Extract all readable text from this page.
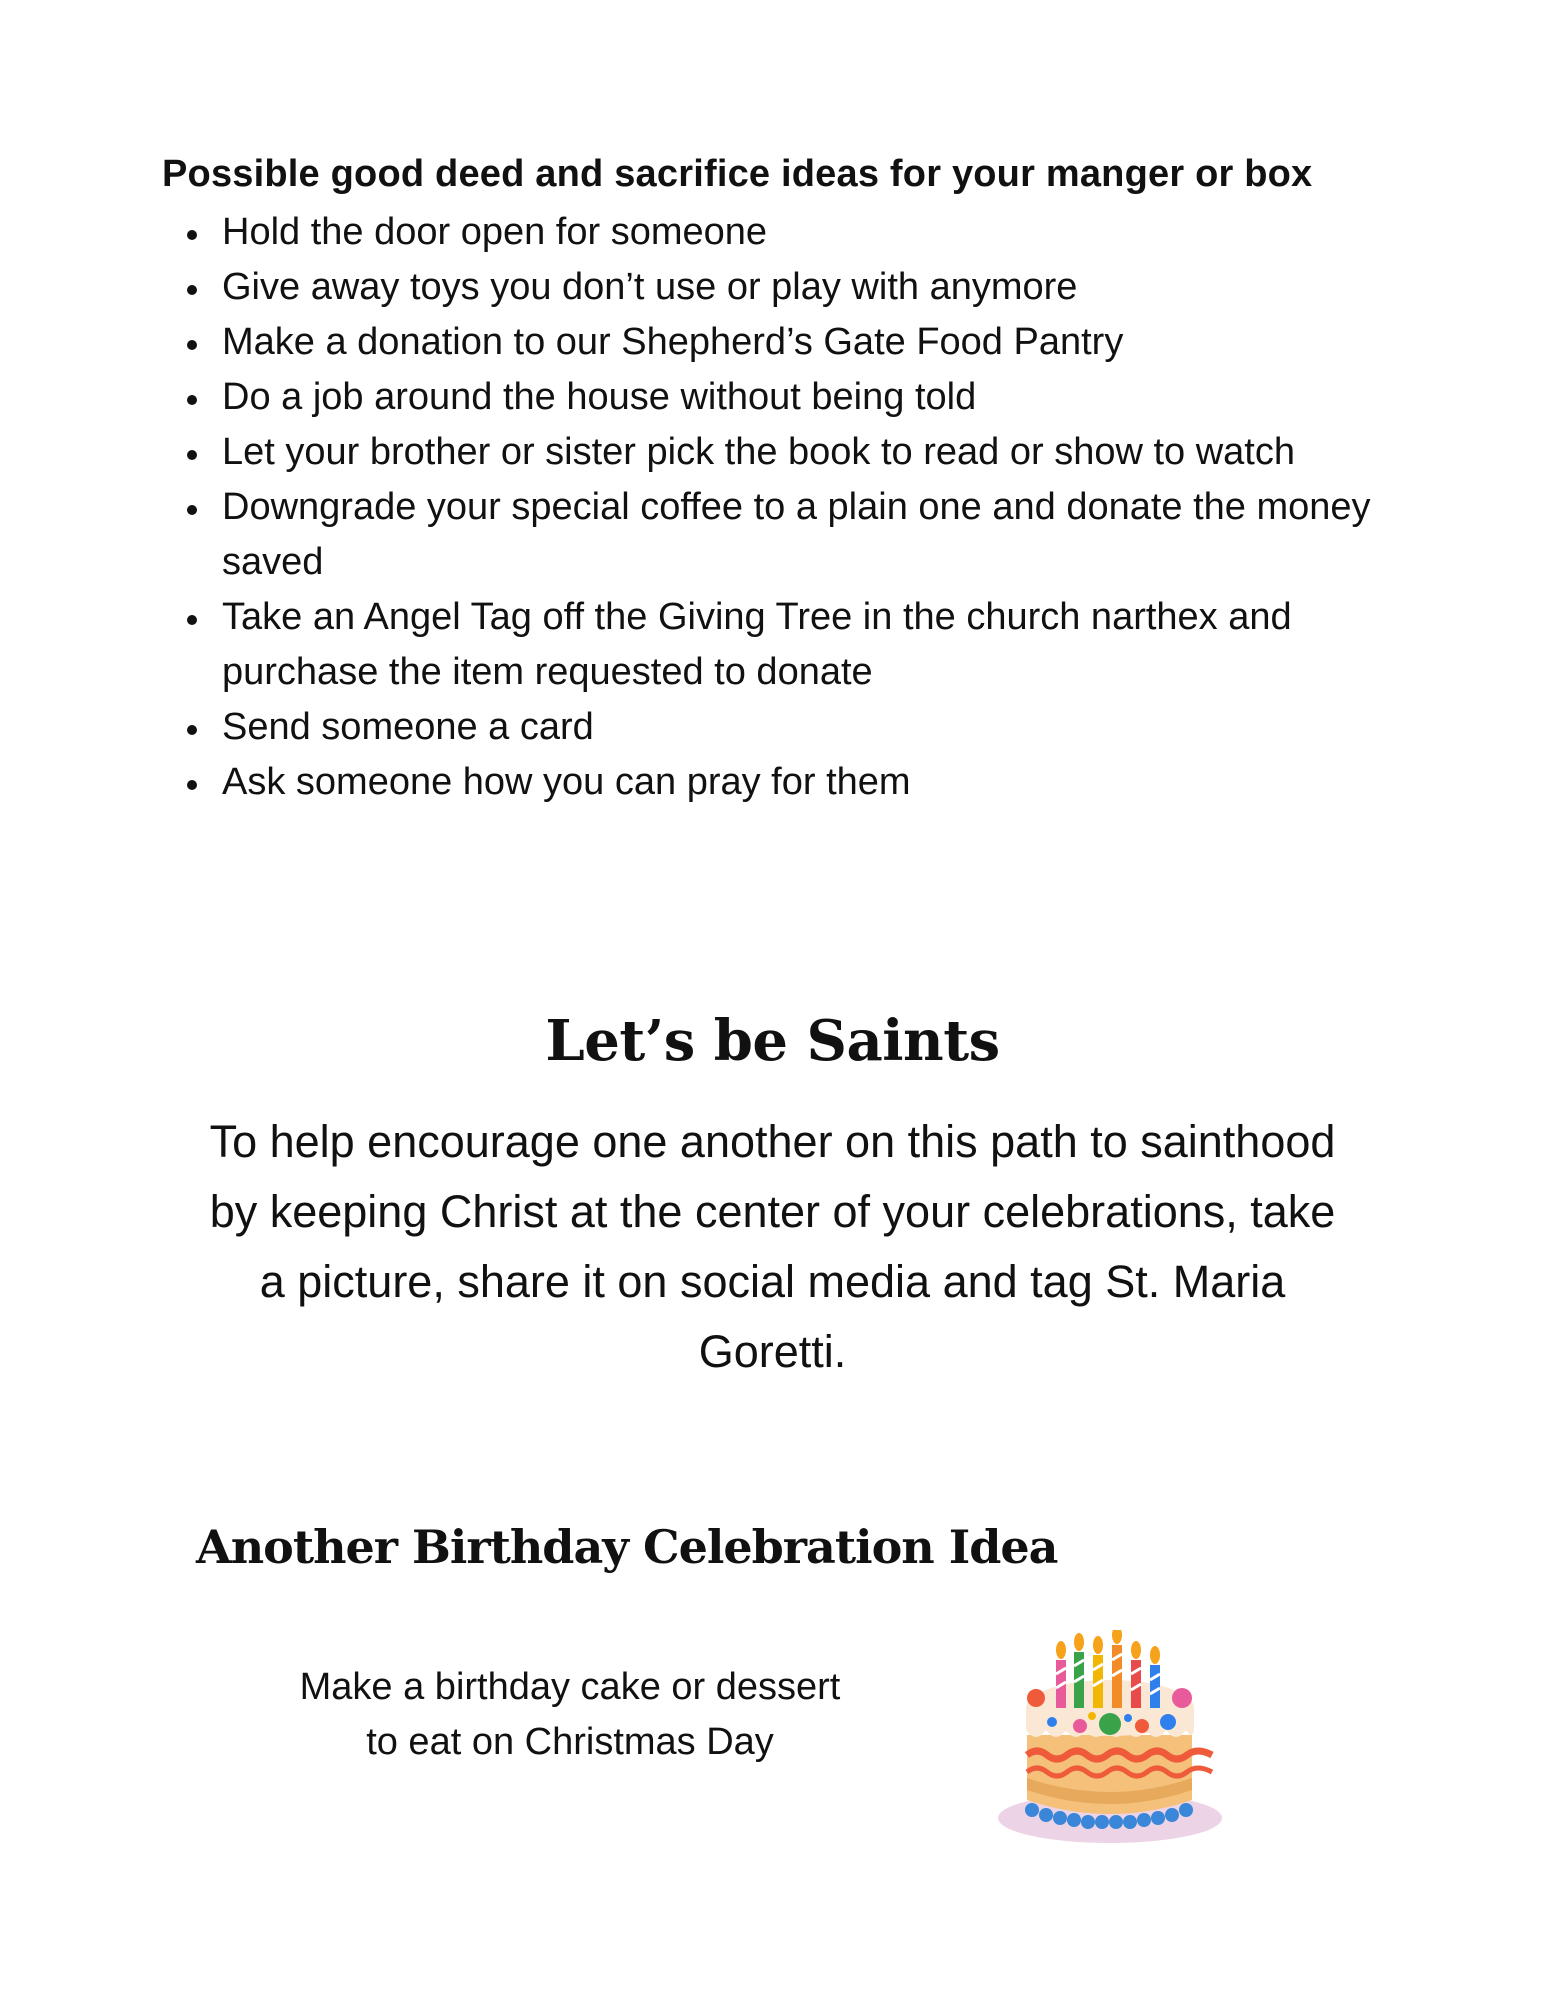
Possible good deed and sacrifice ideas for your manger or box
Hold the door open for someone
Give away toys you don’t use or play with anymore
Make a donation to our Shepherd’s Gate Food Pantry
Do a job around the house without being told
Let your brother or sister pick the book to read or show to watch
Downgrade your special coffee to a plain one and donate the money saved
Take an Angel Tag off the Giving Tree in the church narthex and purchase the item requested to donate
Send someone a card
Ask someone how you can pray for them
Let’s be Saints

To help encourage one another on this path to sainthood by keeping Christ at the center of your celebrations, take a picture, share it on social media and tag St. Maria Goretti.

Another Birthday Celebration Idea

Make a birthday cake or dessert
to eat on Christmas Day
